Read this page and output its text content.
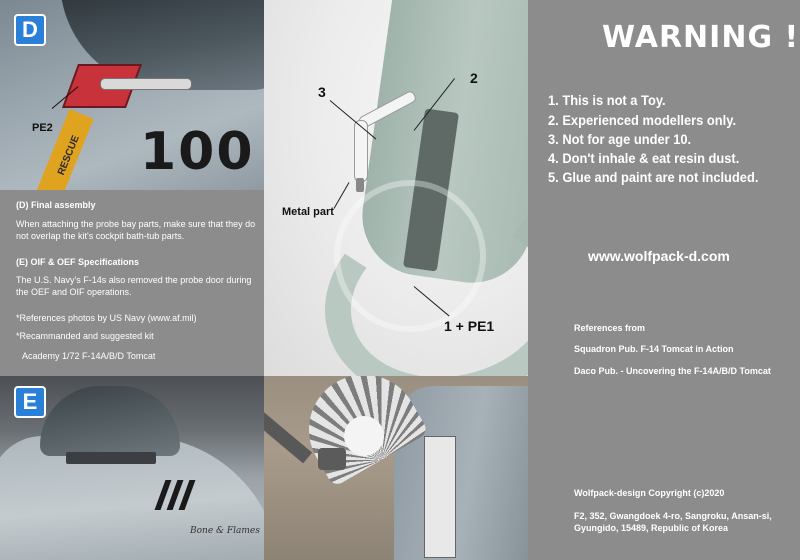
RESCUE 100
PE2
D

(D) Final assembly

When attaching the probe bay parts, make sure that they do not overlap the kit's cockpit bath-tub parts.

(E) OIF & OEF Specifications

The U.S. Navy's F-14s also removed the probe door during the OEF and OIF operations.

*References photos by US Navy (www.af.mil)

*Recammanded and suggested kit

Academy 1/72 F-14A/B/D Tomcat

3
2
Metal part
1 + PE1
WARNING !
1. This is not a Toy.
2. Experienced modellers only.
3. Not for age under 10.
4. Don't inhale & eat resin dust.
5. Glue and paint are not included.
www.wolfpack-d.com
References from
Squadron Pub. F-14 Tomcat in Action
Daco Pub. - Uncovering the F-14A/B/D Tomcat
Wolfpack-design Copyright (c)2020
F2, 352, Gwangdoek 4-ro, Sangroku, Ansan-si, Gyungido, 15489, Republic of Korea
Bone & Flames
E
